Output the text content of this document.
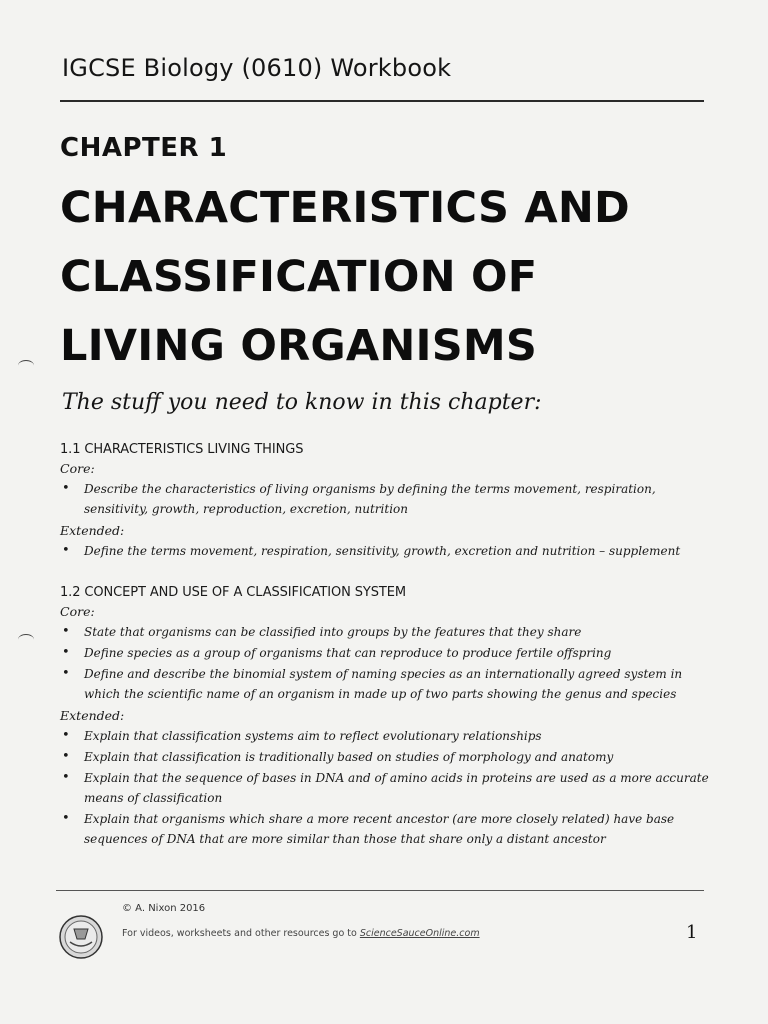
IGCSE Biology (0610) Workbook
CHAPTER 1
CHARACTERISTICS AND
CLASSIFICATION OF
LIVING ORGANISMS
The stuff you need to know in this chapter:
1.1 CHARACTERISTICS LIVING THINGS
Core:
• Describe the characteristics of living organisms by defining the terms movement, respiration, sensitivity, growth, reproduction, excretion, nutrition
Extended:
• Define the terms movement, respiration, sensitivity, growth, excretion and nutrition – supplement
1.2 CONCEPT AND USE OF A CLASSIFICATION SYSTEM
Core:
• State that organisms can be classified into groups by the features that they share
• Define species as a group of organisms that can reproduce to produce fertile offspring
• Define and describe the binomial system of naming species as an internationally agreed system in which the scientific name of an organism in made up of two parts showing the genus and species
Extended:
• Explain that classification systems aim to reflect evolutionary relationships
• Explain that classification is traditionally based on studies of morphology and anatomy
• Explain that the sequence of bases in DNA and of amino acids in proteins are used as a more accurate means of classification
• Explain that organisms which share a more recent ancestor (are more closely related) have base sequences of DNA that are more similar than those that share only a distant ancestor
© A. Nixon 2016
For videos, worksheets and other resources go to ScienceSauceOnline.com	1
